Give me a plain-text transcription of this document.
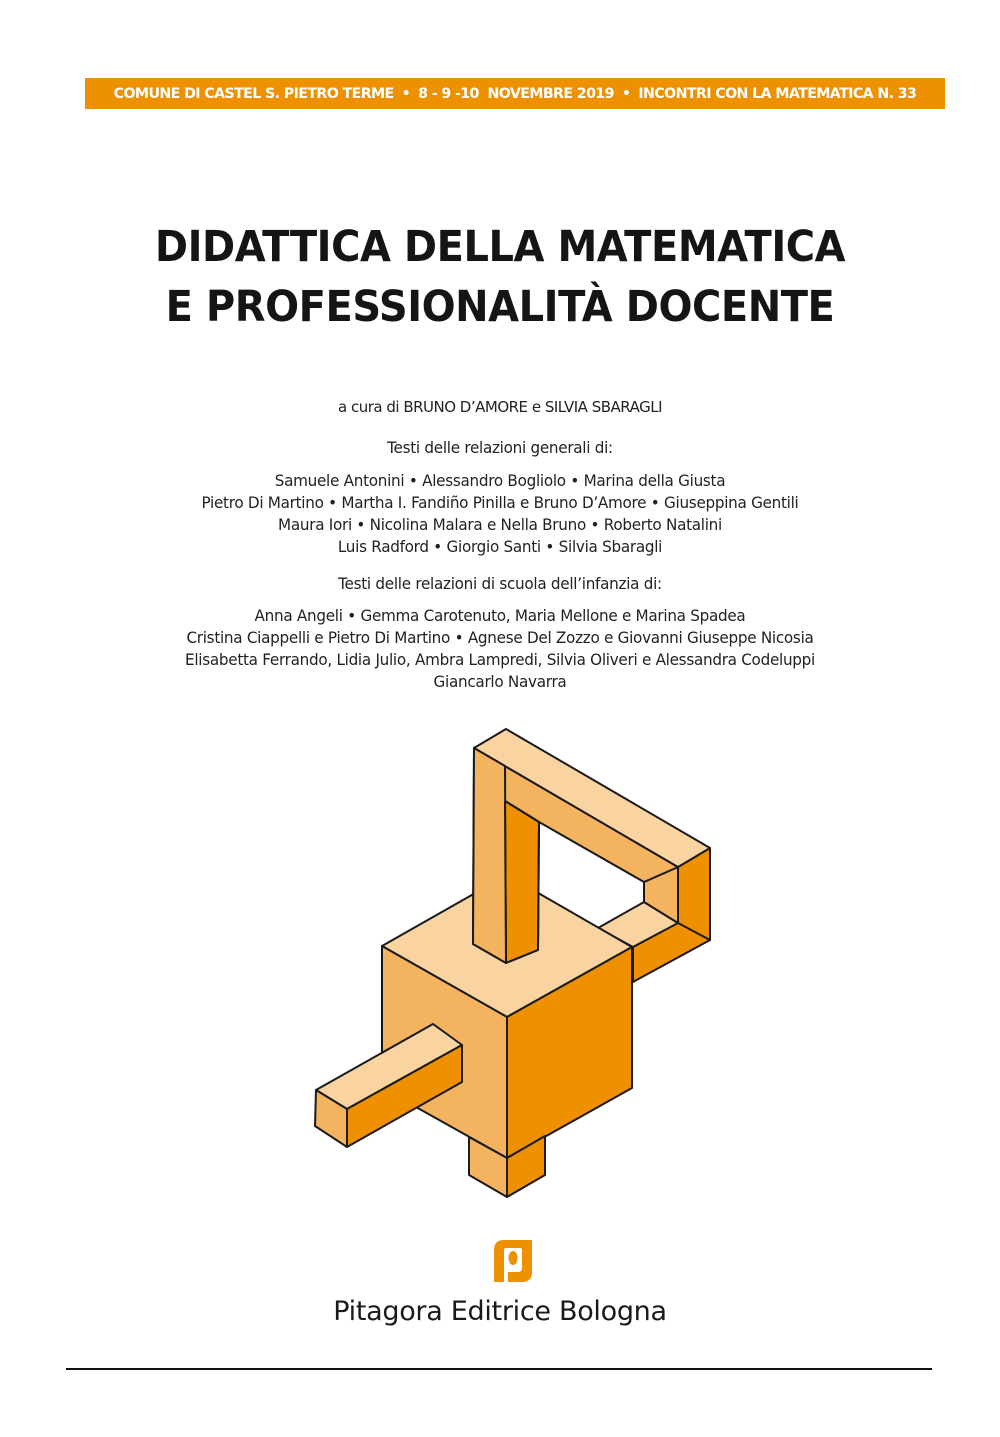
COMUNE DI CASTEL S. PIETRO TERME • 8 - 9 -10  NOVEMBRE 2019 • INCONTRI CON LA MATEMATICA N. 33
DIDATTICA DELLA MATEMATICA
E PROFESSIONALITÀ DOCENTE
a cura di BRUNO D’AMORE e SILVIA SBARAGLI
Testi delle relazioni generali di:
Samuele Antonini • Alessandro Bogliolo • Marina della Giusta
Pietro Di Martino • Martha I. Fandiño Pinilla e Bruno D’Amore • Giuseppina Gentili
Maura Iori • Nicolina Malara e Nella Bruno • Roberto Natalini
Luis Radford • Giorgio Santi • Silvia Sbaragli
Testi delle relazioni di scuola dell’infanzia di:
Anna Angeli • Gemma Carotenuto, Maria Mellone e Marina Spadea
Cristina Ciappelli e Pietro Di Martino • Agnese Del Zozzo e Giovanni Giuseppe Nicosia
Elisabetta Ferrando, Lidia Julio, Ambra Lampredi, Silvia Oliveri e Alessandra Codeluppi
Giancarlo Navarra
Pitagora Editrice Bologna
